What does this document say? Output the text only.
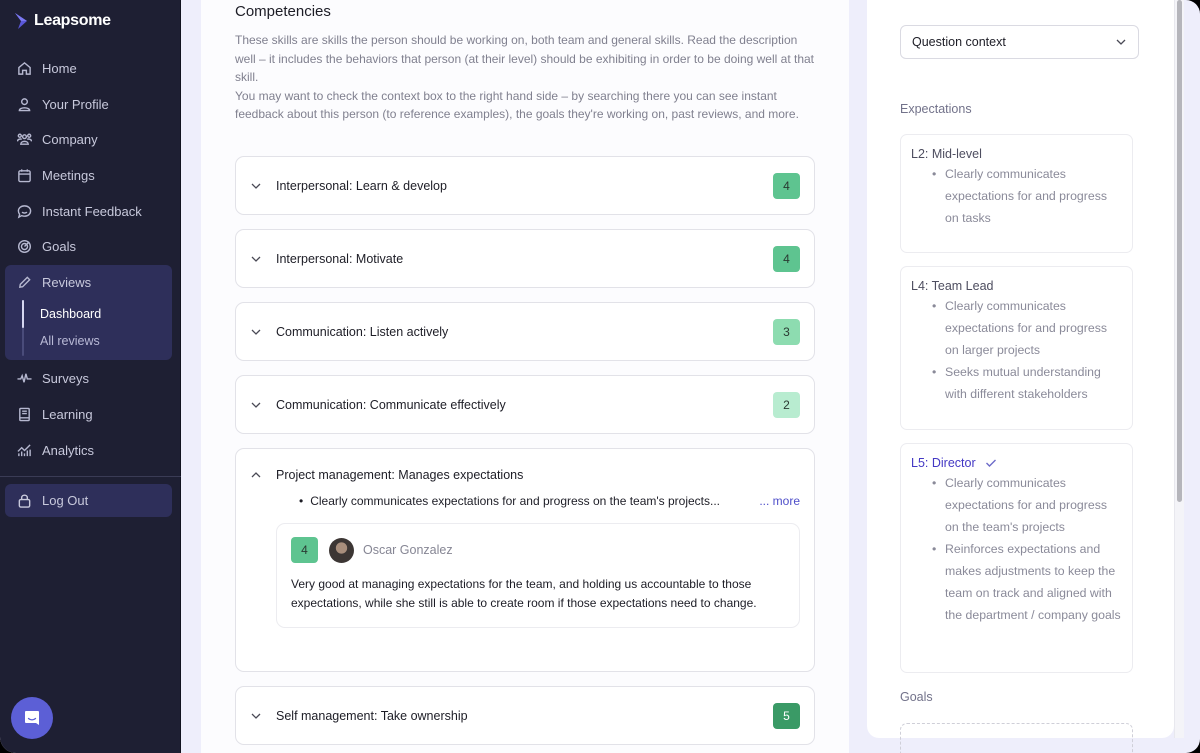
Leapsome
Home
Your Profile
Company
Meetings
Instant Feedback
Goals
Reviews
Dashboard
All reviews
Surveys
Learning
Analytics
Log Out
Competencies
These skills are skills the person should be working on, both team and general skills. Read the description well – it includes the behaviors that person (at their level) should be exhibiting in order to be doing well at that skill.
You may want to check the context box to the right hand side – by searching there you can see instant feedback about this person (to reference examples), the goals they're working on, past reviews, and more.
Interpersonal: Learn & develop	4
Interpersonal: Motivate	4
Communication: Listen actively	3
Communication: Communicate effectively	2
Project management: Manages expectations
• Clearly communicates expectations for and progress on the team's projects...	... more
4	Oscar Gonzalez
Very good at managing expectations for the team, and holding us accountable to those expectations, while she still is able to create room if those expectations need to change.
Self management: Take ownership	5
Question context
Expectations
L2: Mid-level
• Clearly communicates expectations for and progress on tasks
L4: Team Lead
• Clearly communicates expectations for and progress on larger projects
• Seeks mutual understanding with different stakeholders
L5: Director
• Clearly communicates expectations for and progress on the team's projects
• Reinforces expectations and makes adjustments to keep the team on track and aligned with the department / company goals
Goals
